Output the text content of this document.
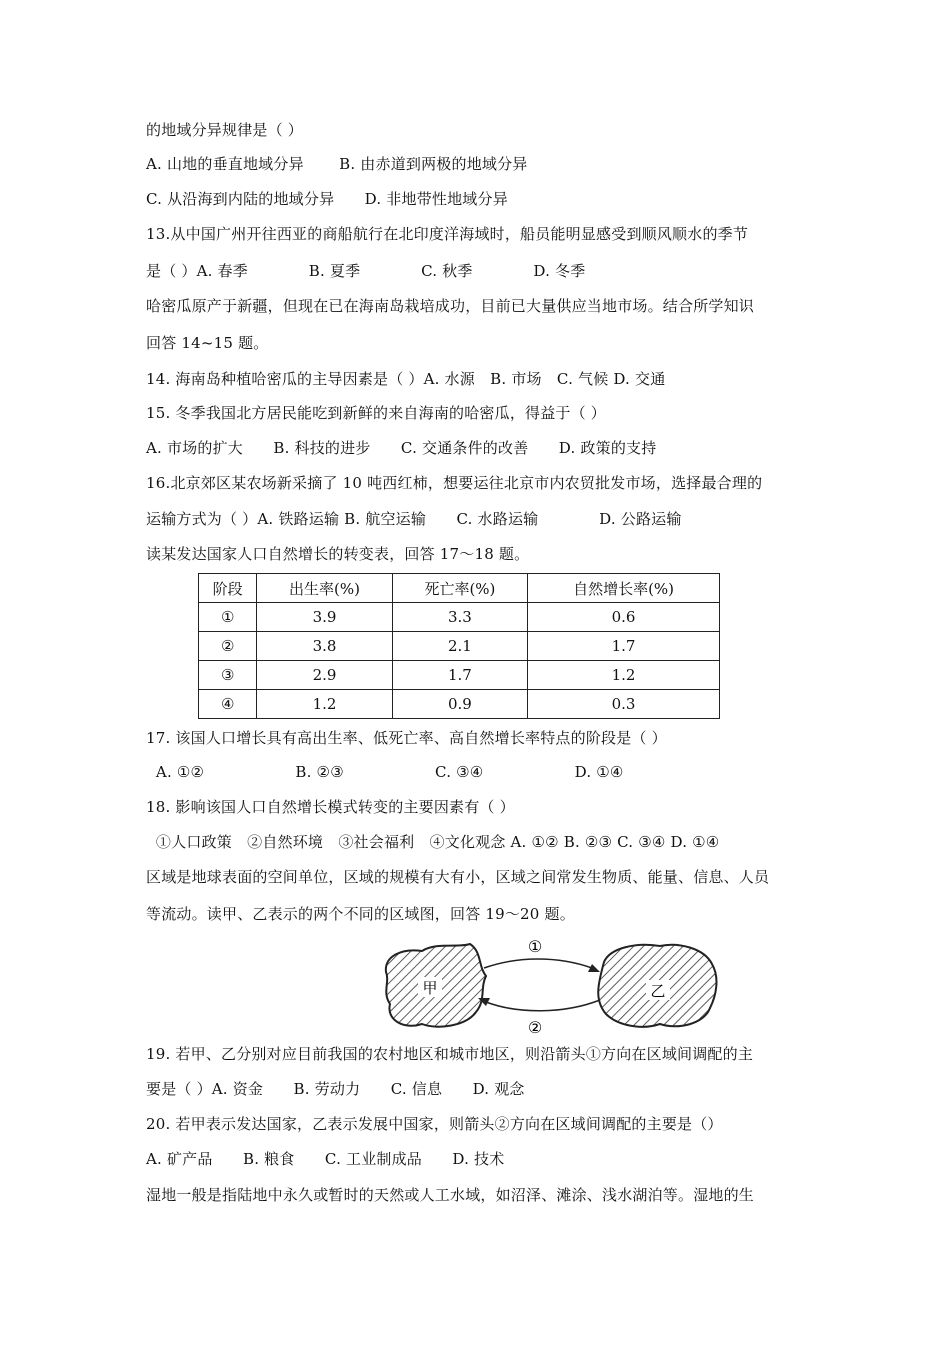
的地域分异规律是（ ）
A. 山地的垂直地域分异　　 B. 由赤道到两极的地域分异
C. 从沿海到内陆的地域分异　　D. 非地带性地域分异
13.从中国广州开往西亚的商船航行在北印度洋海域时，船员能明显感受到顺风顺水的季节
是（ ）A. 春季　　　　B. 夏季　　　　C. 秋季　　　　D. 冬季
哈密瓜原产于新疆，但现在已在海南岛栽培成功，目前已大量供应当地市场。结合所学知识
回答 14~15 题。
14. 海南岛种植哈密瓜的主导因素是（ ）A. 水源　B. 市场　C. 气候 D. 交通
15. 冬季我国北方居民能吃到新鲜的来自海南的哈密瓜，得益于（ ）
A. 市场的扩大　　B. 科技的进步　　C. 交通条件的改善　　D. 政策的支持
16.北京郊区某农场新采摘了 10 吨西红柿，想要运往北京市内农贸批发市场，选择最合理的
运输方式为（ ）A. 铁路运输 B. 航空运输　　C. 水路运输　　　　D. 公路运输
读某发达国家人口自然增长的转变表，回答 17～18 题。
阶段	出生率(%)	死亡率(%)	自然增长率(%)
①	3.9	3.3	0.6
②	3.8	2.1	1.7
③	2.9	1.7	1.2
④	1.2	0.9	0.3
17. 该国人口增长具有高出生率、低死亡率、高自然增长率特点的阶段是（ ）
A. ①②　　　　　　B. ②③　　　　　　C. ③④　　　　　　D. ①④
18. 影响该国人口自然增长模式转变的主要因素有（ ）
①人口政策　②自然环境　③社会福利　④文化观念 A. ①② B. ②③ C. ③④ D. ①④
区域是地球表面的空间单位，区域的规模有大有小，区域之间常发生物质、能量、信息、人员
等流动。读甲、乙表示的两个不同的区域图，回答 19～20 题。
甲	乙
①
②
19. 若甲、乙分别对应目前我国的农村地区和城市地区，则沿箭头①方向在区域间调配的主
要是（ ）A. 资金　　B. 劳动力　　C. 信息　　D. 观念
20. 若甲表示发达国家，乙表示发展中国家，则箭头②方向在区域间调配的主要是（）
A. 矿产品　　B. 粮食　　C. 工业制成品　　D. 技术
湿地一般是指陆地中永久或暂时的天然或人工水域，如沼泽、滩涂、浅水湖泊等。湿地的生
